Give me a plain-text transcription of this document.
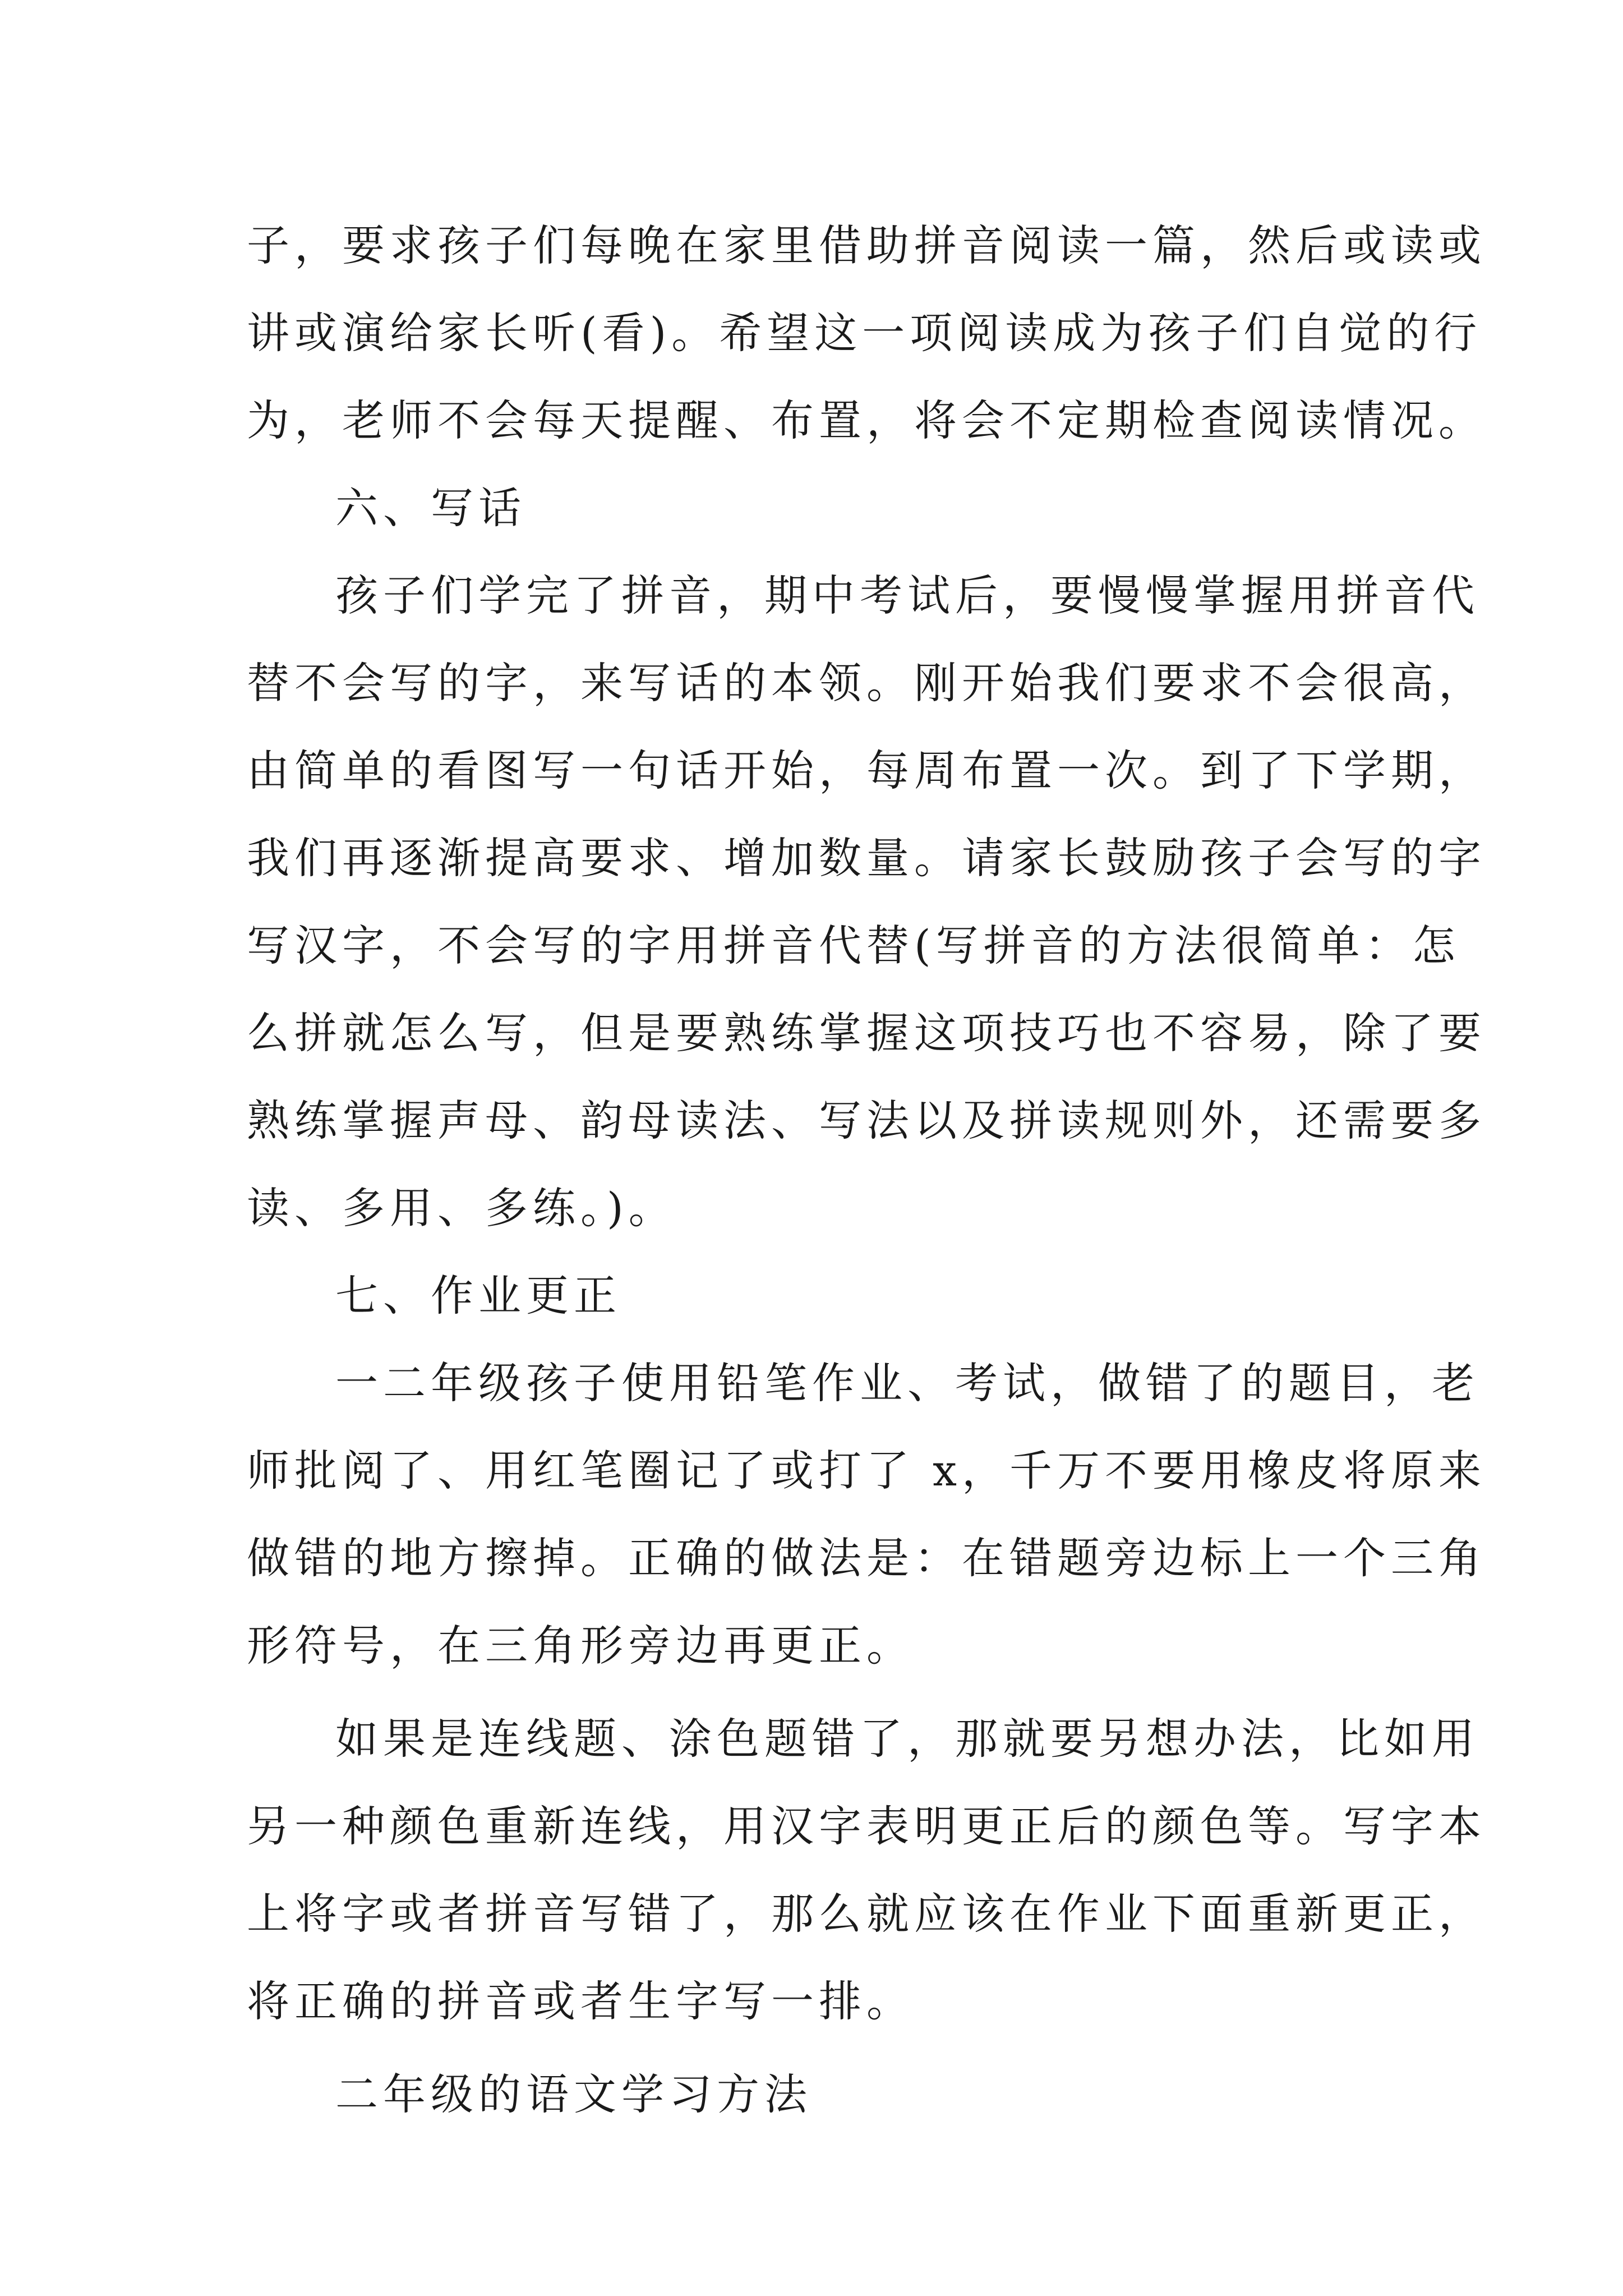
子，要求孩子们每晚在家里借助拼音阅读一篇，然后或读或
讲或演给家长听(看)。希望这一项阅读成为孩子们自觉的行
为，老师不会每天提醒、布置，将会不定期检查阅读情况。
六、写话
孩子们学完了拼音，期中考试后，要慢慢掌握用拼音代
替不会写的字，来写话的本领。刚开始我们要求不会很高，
由简单的看图写一句话开始，每周布置一次。到了下学期，
我们再逐渐提高要求、增加数量。请家长鼓励孩子会写的字
写汉字，不会写的字用拼音代替(写拼音的方法很简单：怎
么拼就怎么写，但是要熟练掌握这项技巧也不容易，除了要
熟练掌握声母、韵母读法、写法以及拼读规则外，还需要多
读、多用、多练。)。
七、作业更正
一二年级孩子使用铅笔作业、考试，做错了的题目，老
师批阅了、用红笔圈记了或打了 x，千万不要用橡皮将原来
做错的地方擦掉。正确的做法是：在错题旁边标上一个三角
形符号，在三角形旁边再更正。
如果是连线题、涂色题错了，那就要另想办法，比如用
另一种颜色重新连线，用汉字表明更正后的颜色等。写字本
上将字或者拼音写错了，那么就应该在作业下面重新更正，
将正确的拼音或者生字写一排。
二年级的语文学习方法
